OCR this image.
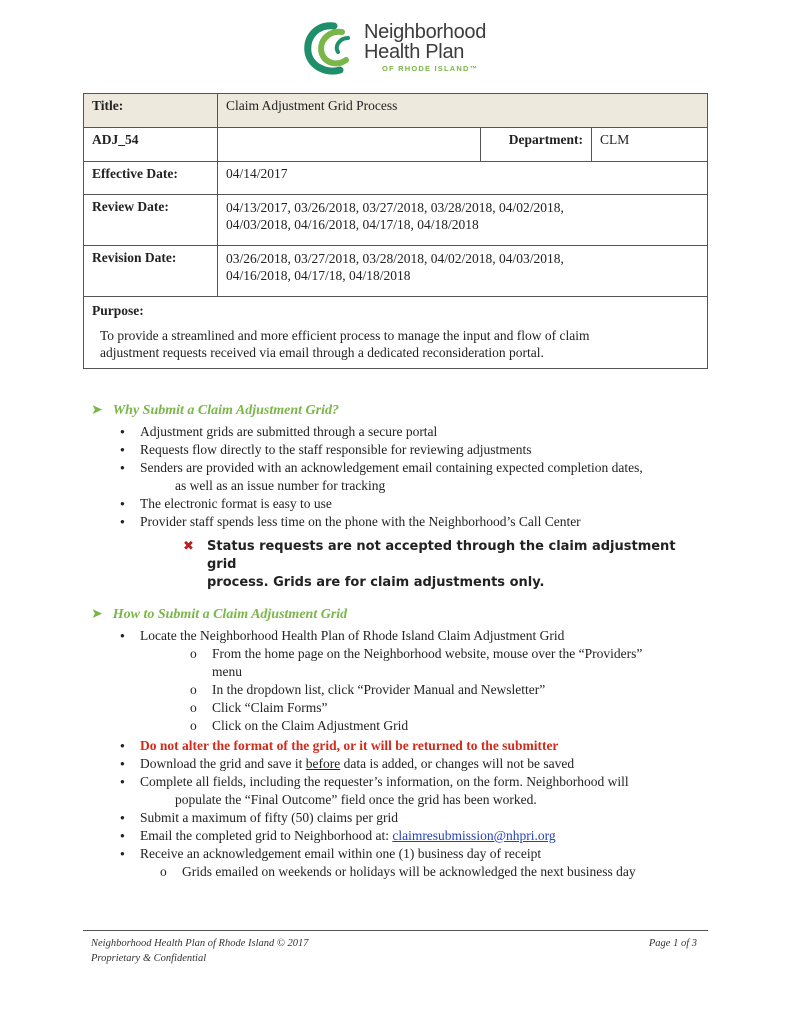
Neighborhood
Health Plan
OF RHODE ISLAND™
Title:	Claim Adjustment Grid Process		
ADJ_54		Department:	CLM
Effective Date:	04/14/2017		
Review Date:	04/13/2017, 03/26/2018, 03/27/2018, 03/28/2018, 04/02/2018,
04/03/2018, 04/16/2018, 04/17/18, 04/18/2018		

Revision Date:	03/26/2018, 03/27/2018, 03/28/2018, 04/02/2018, 04/03/2018,
04/16/2018, 04/17/18, 04/18/2018		

Purpose:
To provide a streamlined and more efficient process to manage the input and flow of claim
adjustment requests received via email through a dedicated reconsideration portal.			
➤ Why Submit a Claim Adjustment Grid?
● Adjustment grids are submitted through a secure portal
● Requests flow directly to the staff responsible for reviewing adjustments
● Senders are provided with an acknowledgement email containing expected completion dates,
as well as an issue number for tracking
● The electronic format is easy to use
● Provider staff spends less time on the phone with the Neighborhood’s Call Center
✖ Status requests are not accepted through the claim adjustment grid
process. Grids are for claim adjustments only.
➤ How to Submit a Claim Adjustment Grid
● Locate the Neighborhood Health Plan of Rhode Island Claim Adjustment Grid
o From the home page on the Neighborhood website, mouse over the “Providers”
menu
o In the dropdown list, click “Provider Manual and Newsletter”
o Click “Claim Forms”
o Click on the Claim Adjustment Grid
● Do not alter the format of the grid, or it will be returned to the submitter
● Download the grid and save it before data is added, or changes will not be saved
● Complete all fields, including the requester’s information, on the form. Neighborhood will
populate the “Final Outcome” field once the grid has been worked.
● Submit a maximum of fifty (50) claims per grid
● Email the completed grid to Neighborhood at: claimresubmission@nhpri.org
● Receive an acknowledgement email within one (1) business day of receipt
o Grids emailed on weekends or holidays will be acknowledged the next business day
Neighborhood Health Plan of Rhode Island © 2017
Proprietary & Confidential
Page 1 of 3
